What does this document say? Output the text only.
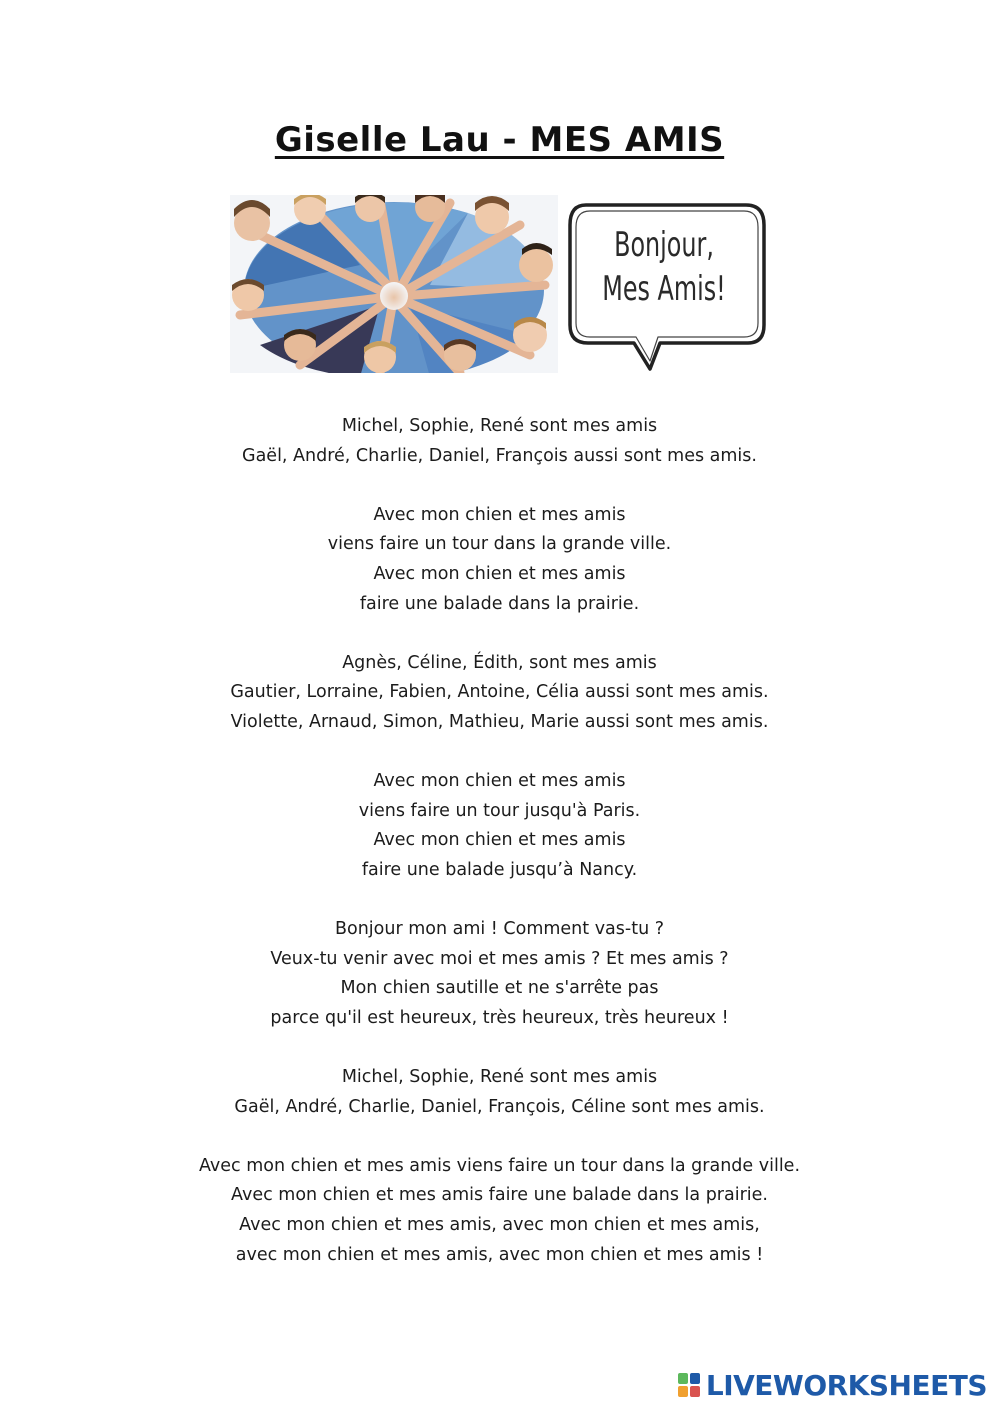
Giselle Lau - MES AMIS
Bonjour,
Mes Amis!
Michel, Sophie, René sont mes amis
Gaël, André, Charlie, Daniel, François aussi sont mes amis.
Avec mon chien et mes amis
viens faire un tour dans la grande ville.
Avec mon chien et mes amis
faire une balade dans la prairie.
Agnès, Céline, Édith, sont mes amis
Gautier, Lorraine, Fabien, Antoine, Célia aussi sont mes amis.
Violette, Arnaud, Simon, Mathieu, Marie aussi sont mes amis.
Avec mon chien et mes amis
viens faire un tour jusqu'à Paris.
Avec mon chien et mes amis
faire une balade jusqu’à Nancy.
Bonjour mon ami ! Comment vas-tu ?
Veux-tu venir avec moi et mes amis ? Et mes amis ?
Mon chien sautille et ne s'arrête pas
parce qu'il est heureux, très heureux, très heureux !
Michel, Sophie, René sont mes amis
Gaël, André, Charlie, Daniel, François, Céline sont mes amis.
Avec mon chien et mes amis viens faire un tour dans la grande ville.
Avec mon chien et mes amis faire une balade dans la prairie.
Avec mon chien et mes amis, avec mon chien et mes amis,
avec mon chien et mes amis, avec mon chien et mes amis !
LIVEWORKSHEETS
